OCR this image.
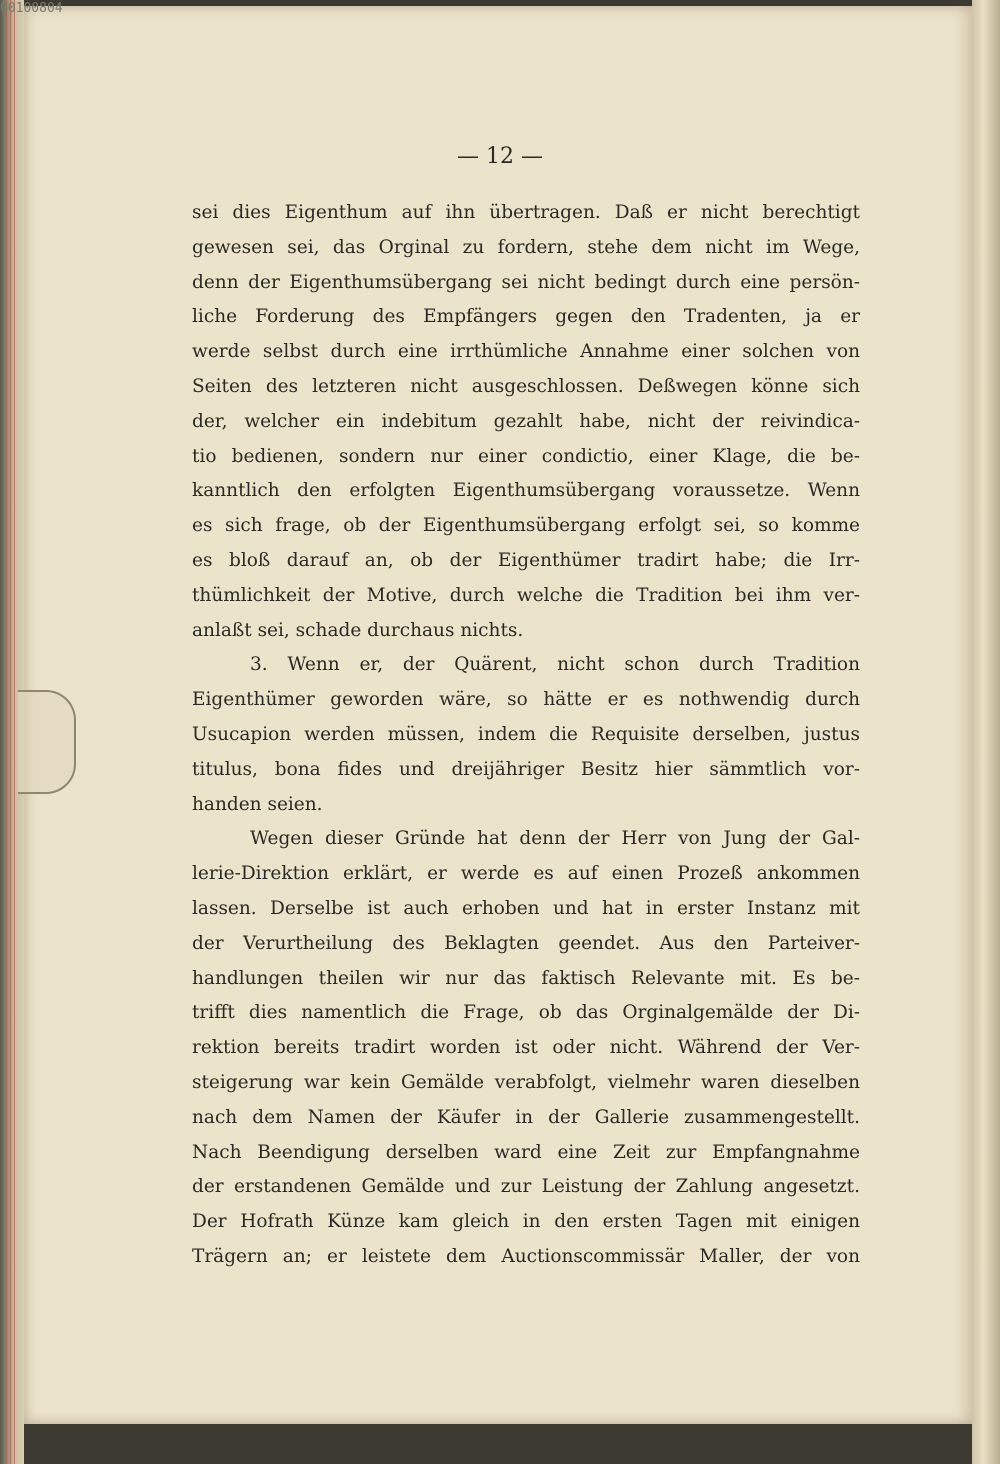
00100804
— 12 —
sei dies Eigenthum auf ihn übertragen. Daß er nicht berechtigt
gewesen sei, das Orginal zu fordern, stehe dem nicht im Wege,
denn der Eigenthumsübergang sei nicht bedingt durch eine persön-
liche Forderung des Empfängers gegen den Tradenten, ja er
werde selbst durch eine irrthümliche Annahme einer solchen von
Seiten des letzteren nicht ausgeschlossen. Deßwegen könne sich
der, welcher ein indebitum gezahlt habe, nicht der reivindica-
tio bedienen, sondern nur einer condictio, einer Klage, die be-
kanntlich den erfolgten Eigenthumsübergang voraussetze. Wenn
es sich frage, ob der Eigenthumsübergang erfolgt sei, so komme
es bloß darauf an, ob der Eigenthümer tradirt habe; die Irr-
thümlichkeit der Motive, durch welche die Tradition bei ihm ver-
anlaßt sei, schade durchaus nichts.
3. Wenn er, der Quärent, nicht schon durch Tradition
Eigenthümer geworden wäre, so hätte er es nothwendig durch
Usucapion werden müssen, indem die Requisite derselben, justus
titulus, bona fides und dreijähriger Besitz hier sämmtlich vor-
handen seien.
Wegen dieser Gründe hat denn der Herr von Jung der Gal-
lerie-Direktion erklärt, er werde es auf einen Prozeß ankommen
lassen. Derselbe ist auch erhoben und hat in erster Instanz mit
der Verurtheilung des Beklagten geendet. Aus den Parteiver-
handlungen theilen wir nur das faktisch Relevante mit. Es be-
trifft dies namentlich die Frage, ob das Orginalgemälde der Di-
rektion bereits tradirt worden ist oder nicht. Während der Ver-
steigerung war kein Gemälde verabfolgt, vielmehr waren dieselben
nach dem Namen der Käufer in der Gallerie zusammengestellt.
Nach Beendigung derselben ward eine Zeit zur Empfangnahme
der erstandenen Gemälde und zur Leistung der Zahlung angesetzt.
Der Hofrath Künze kam gleich in den ersten Tagen mit einigen
Trägern an; er leistete dem Auctionscommissär Maller, der von
